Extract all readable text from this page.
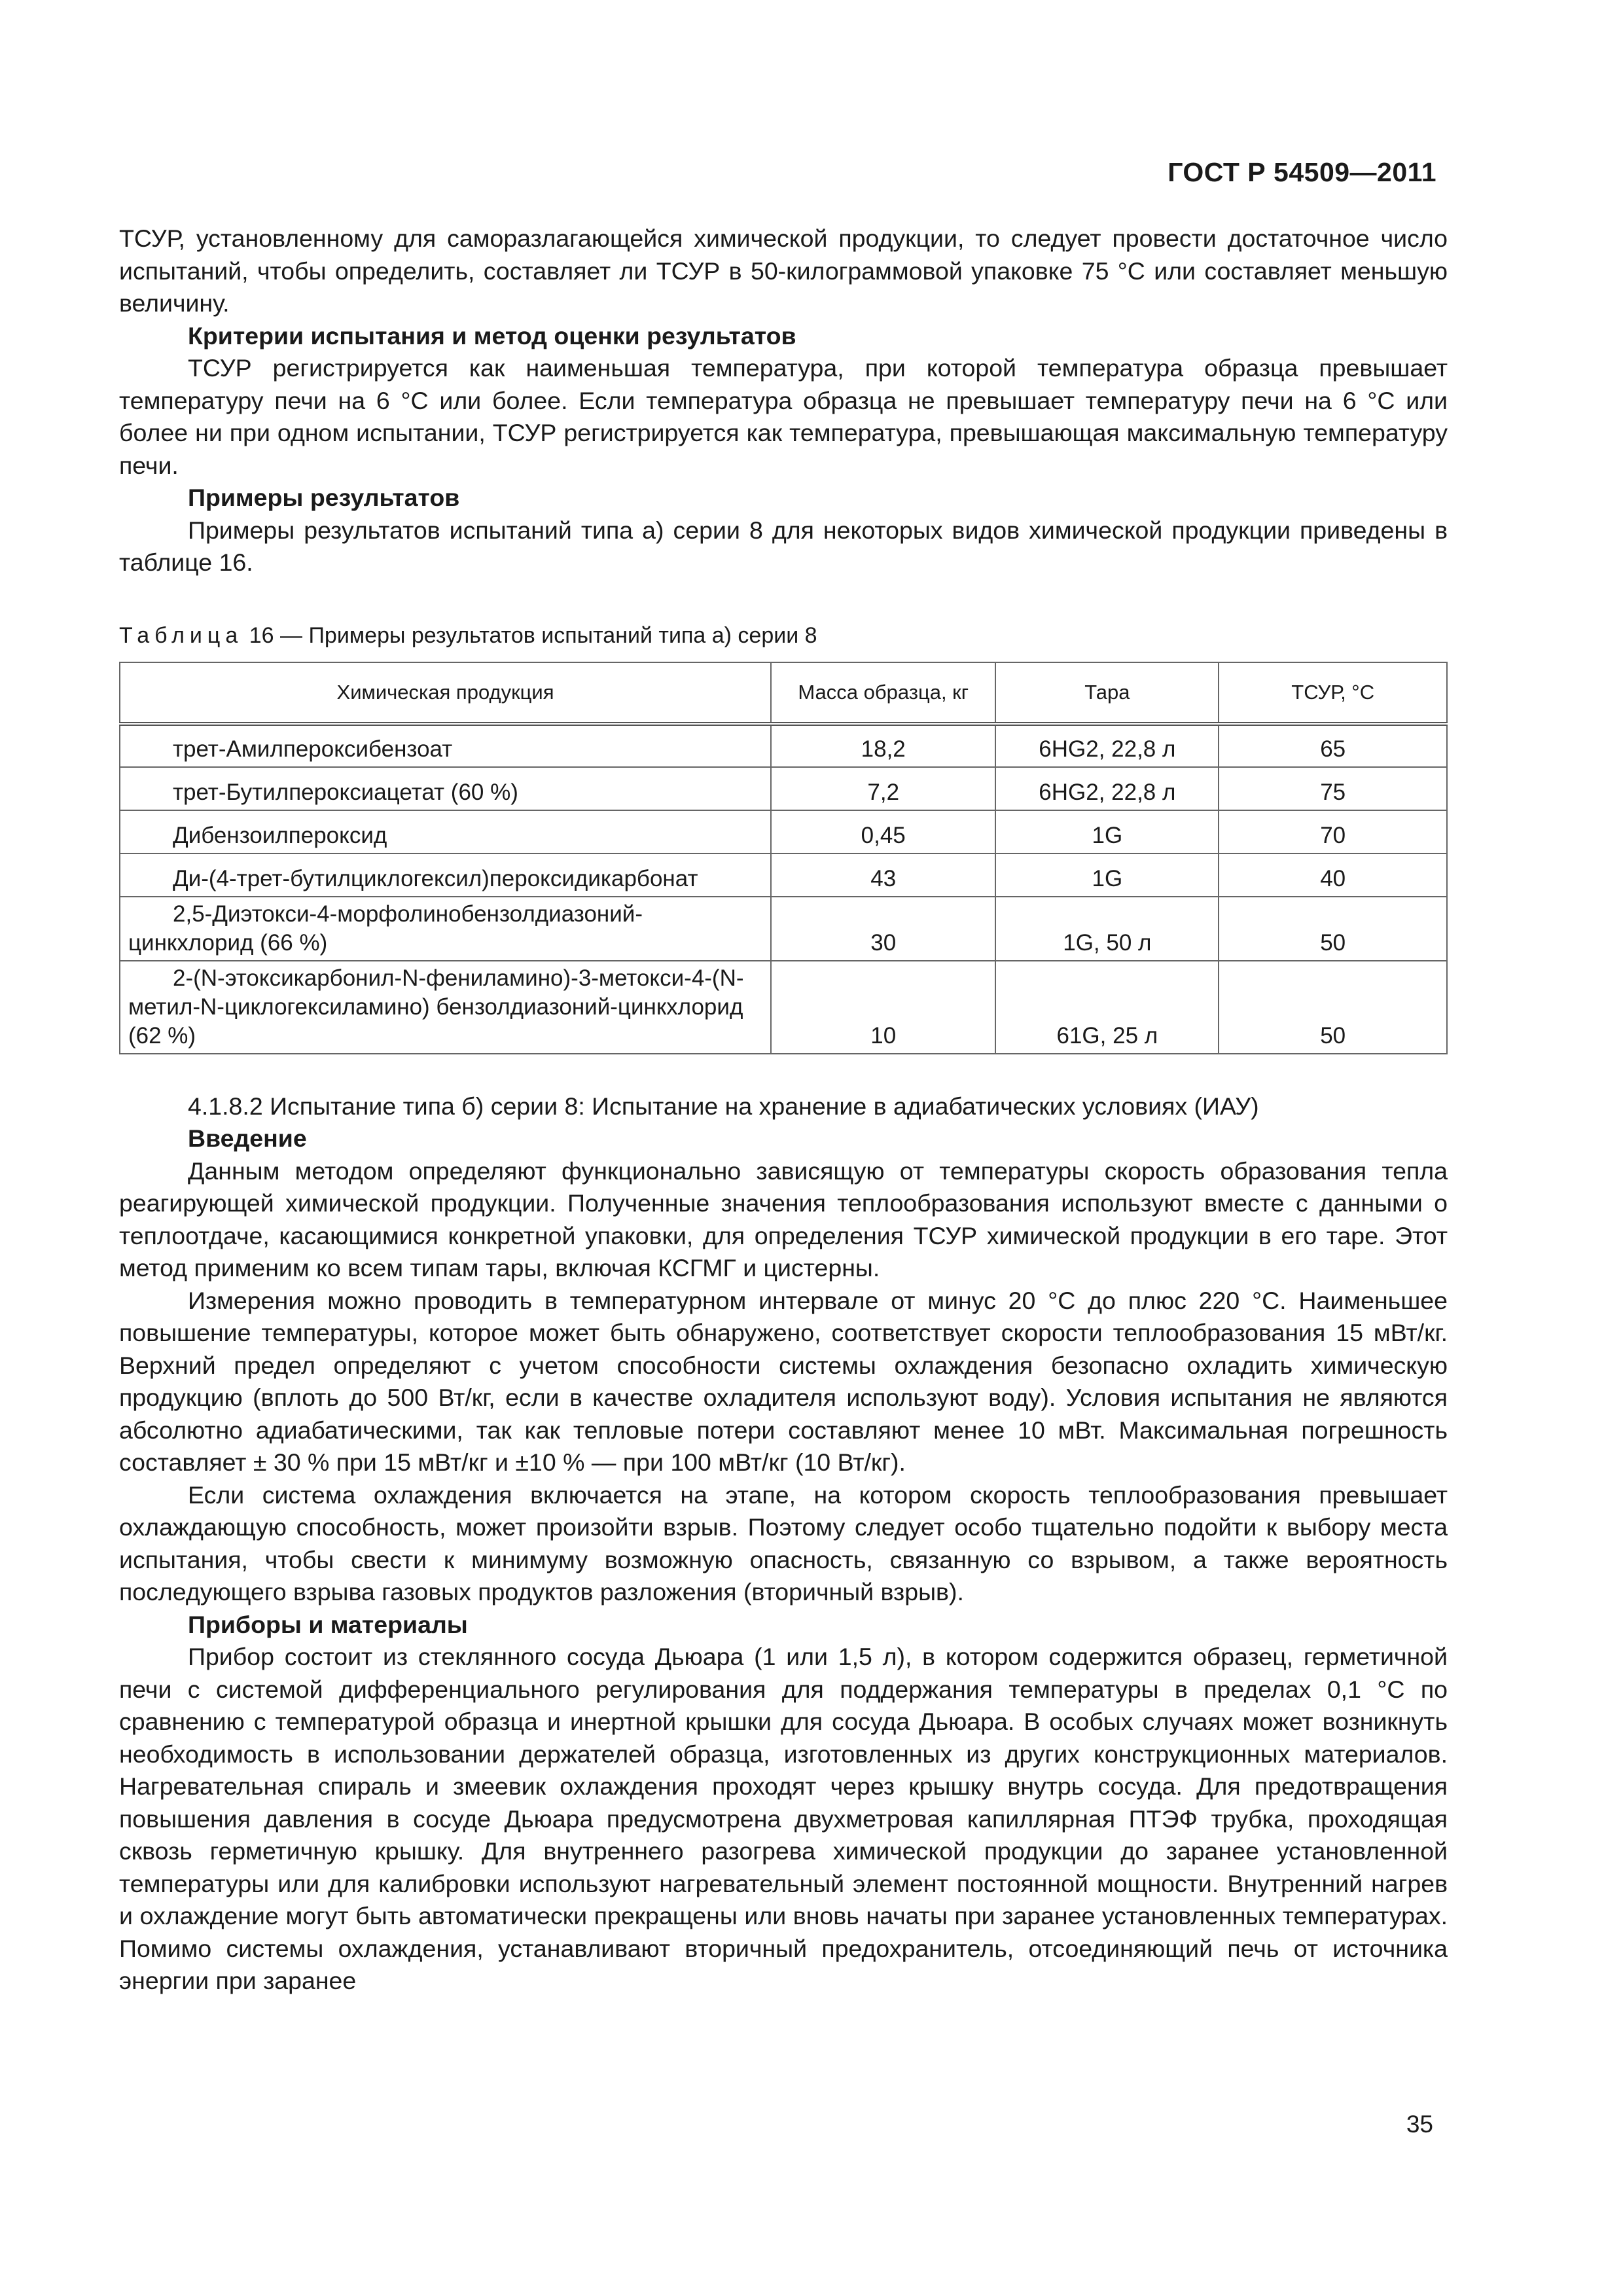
ГОСТ Р 54509—2011

ТСУР, установленному для саморазлагающейся химической продукции, то следует провести достаточное число испытаний, чтобы определить, составляет ли ТСУР в 50-килограммовой упаковке 75 °С или составляет меньшую величину.

Критерии испытания и метод оценки результатов

ТСУР регистрируется как наименьшая температура, при которой температура образца превышает температуру печи на 6 °С или более. Если температура образца не превышает температуру печи на 6 °С или более ни при одном испытании, ТСУР регистрируется как температура, превышающая максимальную температуру печи.

Примеры результатов

Примеры результатов испытаний типа а) серии 8 для некоторых видов химической продукции приведены в таблице 16.

Таблица 16 — Примеры результатов испытаний типа а) серии 8
Химическая продукция	Масса образца, кг	Тара	ТСУР, °С
трет-Амилпероксибензоат	18,2	6HG2, 22,8 л	65
трет-Бутилпероксиацетат (60 %)	7,2	6HG2, 22,8 л	75
Дибензоилпероксид	0,45	1G	70
Ди-(4-трет-бутилциклогексил)пероксидикарбонат	43	1G	40
2,5-Диэтокси-4-морфолинобензолдиазоний-цинкхлорид (66 %)	30	1G, 50 л	50
2-(N-этоксикарбонил-N-фениламино)-3-метокси-4-(N-метил-N-циклогексиламино) бензолдиазоний-цинкхлорид (62 %)	10	61G, 25 л	50

4.1.8.2 Испытание типа б) серии 8: Испытание на хранение в адиабатических условиях (ИАУ)

Введение

Данным методом определяют функционально зависящую от температуры скорость образования тепла реагирующей химической продукции. Полученные значения теплообразования используют вместе с данными о теплоотдаче, касающимися конкретной упаковки, для определения ТСУР химической продукции в его таре. Этот метод применим ко всем типам тары, включая КСГМГ и цистерны.

Измерения можно проводить в температурном интервале от минус 20 °С до плюс 220 °С. Наименьшее повышение температуры, которое может быть обнаружено, соответствует скорости теплообразования 15 мВт/кг. Верхний предел определяют с учетом способности системы охлаждения безопасно охладить химическую продукцию (вплоть до 500 Вт/кг, если в качестве охладителя используют воду). Условия испытания не являются абсолютно адиабатическими, так как тепловые потери составляют менее 10 мВт. Максимальная погрешность составляет ± 30 % при 15 мВт/кг и ±10 % — при 100 мВт/кг (10 Вт/кг).

Если система охлаждения включается на этапе, на котором скорость теплообразования превышает охлаждающую способность, может произойти взрыв. Поэтому следует особо тщательно подойти к выбору места испытания, чтобы свести к минимуму возможную опасность, связанную со взрывом, а также вероятность последующего взрыва газовых продуктов разложения (вторичный взрыв).

Приборы и материалы

Прибор состоит из стеклянного сосуда Дьюара (1 или 1,5 л), в котором содержится образец, герметичной печи с системой дифференциального регулирования для поддержания температуры в пределах 0,1 °С по сравнению с температурой образца и инертной крышки для сосуда Дьюара. В особых случаях может возникнуть необходимость в использовании держателей образца, изготовленных из других конструкционных материалов. Нагревательная спираль и змеевик охлаждения проходят через крышку внутрь сосуда. Для предотвращения повышения давления в сосуде Дьюара предусмотрена двухметровая капиллярная ПТЭФ трубка, проходящая сквозь герметичную крышку. Для внутреннего разогрева химической продукции до заранее установленной температуры или для калибровки используют нагревательный элемент постоянной мощности. Внутренний нагрев и охлаждение могут быть автоматически прекращены или вновь начаты при заранее установленных температурах. Помимо системы охлаждения, устанавливают вторичный предохранитель, отсоединяющий печь от источника энергии при заранее

35
